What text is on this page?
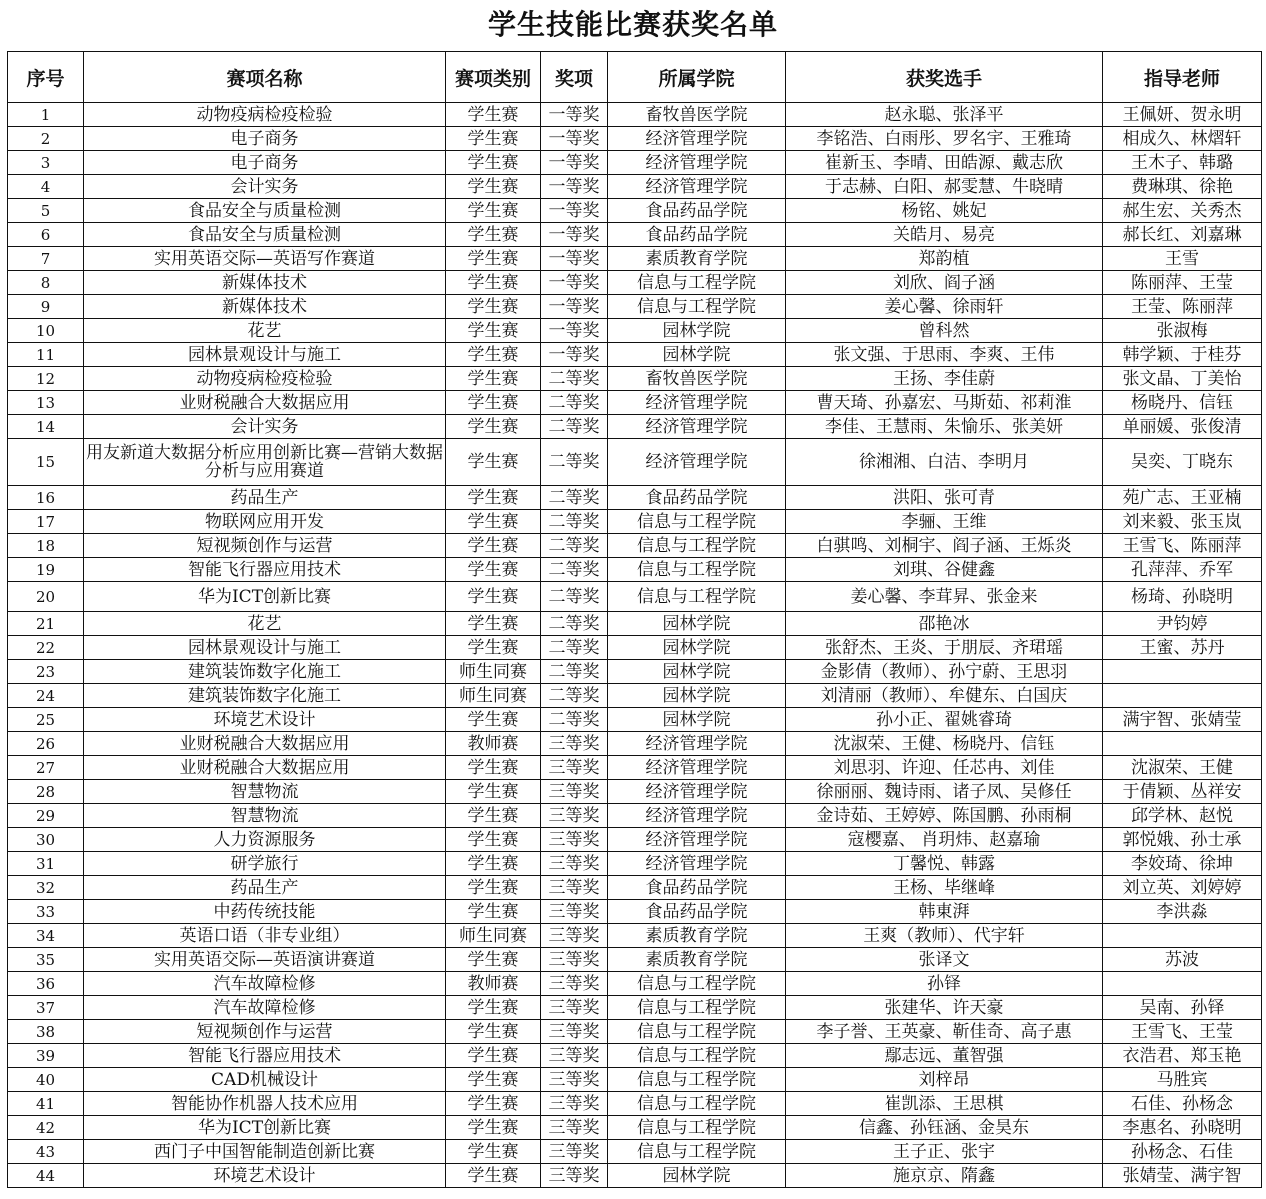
学生技能比赛获奖名单
序号	赛项名称	赛项类别	奖项	所属学院	获奖选手	指导老师
1	动物疫病检疫检验	学生赛	一等奖	畜牧兽医学院	赵永聪、张泽平	王佩妍、贺永明
2	电子商务	学生赛	一等奖	经济管理学院	李铭浩、白雨彤、罗名宇、王雅琦	相成久、林熠轩
3	电子商务	学生赛	一等奖	经济管理学院	崔新玉、李晴、田皓源、戴志欣	王木子、韩璐
4	会计实务	学生赛	一等奖	经济管理学院	于志赫、白阳、郝雯慧、牛晓晴	费琳琪、徐艳
5	食品安全与质量检测	学生赛	一等奖	食品药品学院	杨铭、姚妃	郝生宏、关秀杰
6	食品安全与质量检测	学生赛	一等奖	食品药品学院	关皓月、易亮	郝长红、刘嘉琳
7	实用英语交际—英语写作赛道	学生赛	一等奖	素质教育学院	郑韵植	王雪
8	新媒体技术	学生赛	一等奖	信息与工程学院	刘欣、阎子涵	陈丽萍、王莹
9	新媒体技术	学生赛	一等奖	信息与工程学院	姜心馨、徐雨轩	王莹、陈丽萍
10	花艺	学生赛	一等奖	园林学院	曾科然	张淑梅
11	园林景观设计与施工	学生赛	一等奖	园林学院	张文强、于思雨、李爽、王伟	韩学颖、于桂芬
12	动物疫病检疫检验	学生赛	二等奖	畜牧兽医学院	王扬、李佳蔚	张文晶、丁美怡
13	业财税融合大数据应用	学生赛	二等奖	经济管理学院	曹天琦、孙嘉宏、马斯茹、祁莉淮	杨晓丹、信钰
14	会计实务	学生赛	二等奖	经济管理学院	李佳、王慧雨、朱愉乐、张美妍	单丽媛、张俊清
15	用友新道大数据分析应用创新比赛—营销大数据分析与应用赛道	学生赛	二等奖	经济管理学院	徐湘湘、白洁、李明月	吴奕、丁晓东
16	药品生产	学生赛	二等奖	食品药品学院	洪阳、张可青	苑广志、王亚楠
17	物联网应用开发	学生赛	二等奖	信息与工程学院	李骊、王维	刘来毅、张玉岚
18	短视频创作与运营	学生赛	二等奖	信息与工程学院	白骐鸣、刘桐宇、阎子涵、王烁炎	王雪飞、陈丽萍
19	智能飞行器应用技术	学生赛	二等奖	信息与工程学院	刘琪、谷健鑫	孔萍萍、乔军
20	华为ICT创新比赛	学生赛	二等奖	信息与工程学院	姜心馨、李茸昇、张金来	杨琦、孙晓明
21	花艺	学生赛	二等奖	园林学院	邵艳冰	尹钧婷
22	园林景观设计与施工	学生赛	二等奖	园林学院	张舒杰、王炎、于朋辰、齐珺瑶	王蜜、苏丹
23	建筑装饰数字化施工	师生同赛	二等奖	园林学院	金影倩（教师）、孙宁蔚、王思羽	
24	建筑装饰数字化施工	师生同赛	二等奖	园林学院	刘清丽（教师）、牟健东、白国庆	
25	环境艺术设计	学生赛	二等奖	园林学院	孙小正、翟姚睿琦	满宇智、张婧莹
26	业财税融合大数据应用	教师赛	三等奖	经济管理学院	沈淑荣、王健、杨晓丹、信钰	
27	业财税融合大数据应用	学生赛	三等奖	经济管理学院	刘思羽、许迎、任芯冉、刘佳	沈淑荣、王健
28	智慧物流	学生赛	三等奖	经济管理学院	徐丽丽、魏诗雨、诸子凤、吴修任	于倩颖、丛祥安
29	智慧物流	学生赛	三等奖	经济管理学院	金诗茹、王婷婷、陈国鹏、孙雨桐	邱学林、赵悦
30	人力资源服务	学生赛	三等奖	经济管理学院	寇樱嘉、 肖玥炜、赵嘉瑜	郭悦娥、孙士承
31	研学旅行	学生赛	三等奖	经济管理学院	丁馨悦、韩露	李姣琦、徐坤
32	药品生产	学生赛	三等奖	食品药品学院	王杨、毕继峰	刘立英、刘婷婷
33	中药传统技能	学生赛	三等奖	食品药品学院	韩東湃	李洪淼
34	英语口语（非专业组）	师生同赛	三等奖	素质教育学院	王爽（教师）、代宇轩	
35	实用英语交际—英语演讲赛道	学生赛	三等奖	素质教育学院	张译文	苏波
36	汽车故障检修	教师赛	三等奖	信息与工程学院	孙铎	
37	汽车故障检修	学生赛	三等奖	信息与工程学院	张建华、许天豪	吴南、孙铎
38	短视频创作与运营	学生赛	三等奖	信息与工程学院	李子誉、王英豪、靳佳奇、高子惠	王雪飞、王莹
39	智能飞行器应用技术	学生赛	三等奖	信息与工程学院	鄢志远、董智强	衣浩君、郑玉艳
40	CAD机械设计	学生赛	三等奖	信息与工程学院	刘梓昂	马胜宾
41	智能协作机器人技术应用	学生赛	三等奖	信息与工程学院	崔凯添、王思棋	石佳、孙杨念
42	华为ICT创新比赛	学生赛	三等奖	信息与工程学院	信鑫、孙钰涵、金昊东	李惠名、孙晓明
43	西门子中国智能制造创新比赛	学生赛	三等奖	信息与工程学院	王子正、张宇	孙杨念、石佳
44	环境艺术设计	学生赛	三等奖	园林学院	施京京、隋鑫	张婧莹、满宇智
